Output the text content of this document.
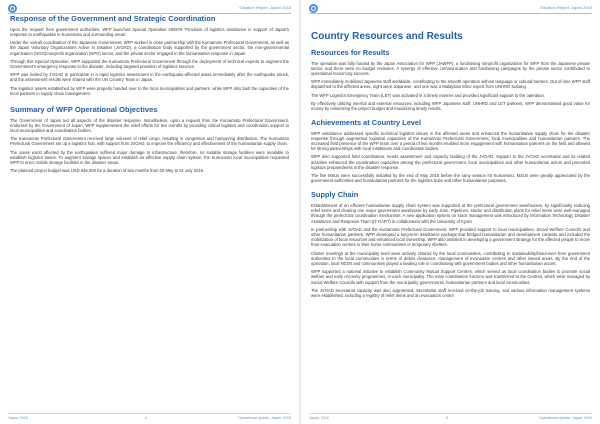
Situation Report, Japan 2016
Response of the Government and Strategic Coordination

Upon the request from government authorities, WFP launched Special Operation 200979 'Provision of logistics assistance in support of Japan's response to earthquakes in Kumamoto and surrounding areas'.

Under the overall coordination of the Japanese Government, WFP worked in close partnership with the Kumamoto Prefectural Government, as well as the Japan Voluntary Organizations Active in Disaster (JVOAD), a coordination body supported by the government sector, the non-governmental organization (NGO)/nonprofit organization (NPO) sector, and the private sector engaged in the humanitarian response in Japan.

Through this Special Operation, WFP supported the Kumamoto Prefectural Government through the deployment of technical experts to augment the Government's emergency response to the disaster, including targeted provision of logistics services.

WFP was invited by JVOAD to participate in a rapid logistics assessment in the earthquake-affected areas immediately after the earthquake struck, and the assessment results were shared with the UN Country Team in Japan.

The logistics assets established by WFP were properly handed over to the local municipalities and partners, while WFP also built the capacities of the local partners in supply chain management.

Summary of WFP Operational Objectives

The Government of Japan led all aspects of the disaster response. Nonetheless, upon a request from the Kumamoto Prefectural Government, endorsed by the Government of Japan, WFP supplemented the relief efforts for two months by providing critical logistics and coordination support to local municipalities and coordination bodies.

The Kumamoto Prefectural Government received large volumes of relief cargo, resulting in congestion and hampering distribution. The Kumamoto Prefectural Government set up a logistics hub, with support from JVOAD, to improve the efficiency and effectiveness of the humanitarian supply chain.

The areas worst affected by the earthquakes suffered major damage to infrastructure; therefore, no suitable storage facilities were available to establish logistics bases. To augment storage spaces and establish an effective supply chain system, the Kumamoto local municipalities requested WFP to erect mobile storage facilities in the disaster areas.

The planned project budget was USD 646,000 for a duration of two months from 02 May to 01 July 2016.

Japan, 2016	4	Operational Update, Japan: 2016
Situation Report, Japan 2016
Country Resources and Results
Resources for Results

The operation was fully funded by the Japan Association for WFP (JAWFP), a fundraising nonprofit organization for WFP from the Japanese private sector, and there were no budget revisions. A synergy of effective communication and fundraising campaigns by the private sector contributed to operational resourcing success.

WFP immediately mobilized Japanese staff worldwide, contributing to the smooth operation without language or cultural barriers. Out of nine WFP staff dispatched to the affected areas, eight were Japanese, and one was a Malaysian MSU expert from UNHRD Subang.

The WFP Logistics Emergency Team (LET) was activated in a timely manner and provided significant support to the operation.

By effectively utilizing internal and external resources, including WFP Japanese staff, UNHRD and LET partners, WFP demonstrated good value for money by minimizing the project budget and maximizing timely results.

Achievements at Country Level

WFP assistance addressed specific technical logistics issues in the affected areas and enhanced the humanitarian supply chain for the disaster response through augmented logistical capacities of the Kumamoto Prefectural Government, local municipalities and humanitarian partners. The increased field presence of the WFP team over a period of two months enabled more engagement with humanitarian partners on the field and allowed for strong partnerships with local institutions and coordination bodies.

WFP also supported field coordination, needs assessment and capacity building of the JVOAD. Support to the JVOAD secretariat and its related activities enhanced the coordination capacities among the prefectural government, local municipalities and other humanitarian actors and promoted logistics preparedness in the disaster response.

The five MSUs were successfully installed by the end of May 2016 before the rainy season hit Kumamoto. MSUs were greatly appreciated by the government authorities and humanitarian partners for the logistics hubs and other humanitarian purposes.

Supply Chain

Establishment of an efficient humanitarian supply chain system was supported at the prefectural government warehouses, by significantly reducing relief items and clearing one major government warehouse by early June. Pipelines, stocks and distribution plans for relief items were well-managed through the prefectural coordination mechanism. A new application system on stock management was introduced by Information Technology Disaster Assistance and Response Team (IT DART) in collaboration with the University of Kyoto.

In partnership with JVOAD and the Kumamoto Prefectural Government, WFP provided support to local municipalities, Social Welfare Councils and other humanitarian partners. WFP developed a long-term assistance package that bridged humanitarian and development contexts and included the mobilization of local resources and enhanced local ownership. WFP also assisted in developing a government strategy for the affected people to move from evacuation centres to their home communities or temporary shelters.

Cluster meetings at the municipality level were actively chaired by the local communities, contributing to sustainability/hand-over from government authorities to the local communities in terms of debris clearance, management of evacuation centres and other issued areas. By the end of the operation, local NGOs and communities played a leading role in coordinating with government bodies and other humanitarian actors.

WFP supported a national initiative to establish Community Mutual Support Centres, which served as local coordination bodies to promote social welfare and early recovery programmes, in each municipality. The main coordination function was transferred to the Centres, which were managed by Social Welfare Councils with support from the municipality governments, humanitarian partners and local communities.

The JVOAD secretariat capacity was also augmented. Secretariat staff received on-the-job training, and various information management systems were established, including a registry of relief items and an evacuation centre

Japan, 2016	5	Operational Update, Japan: 2016
